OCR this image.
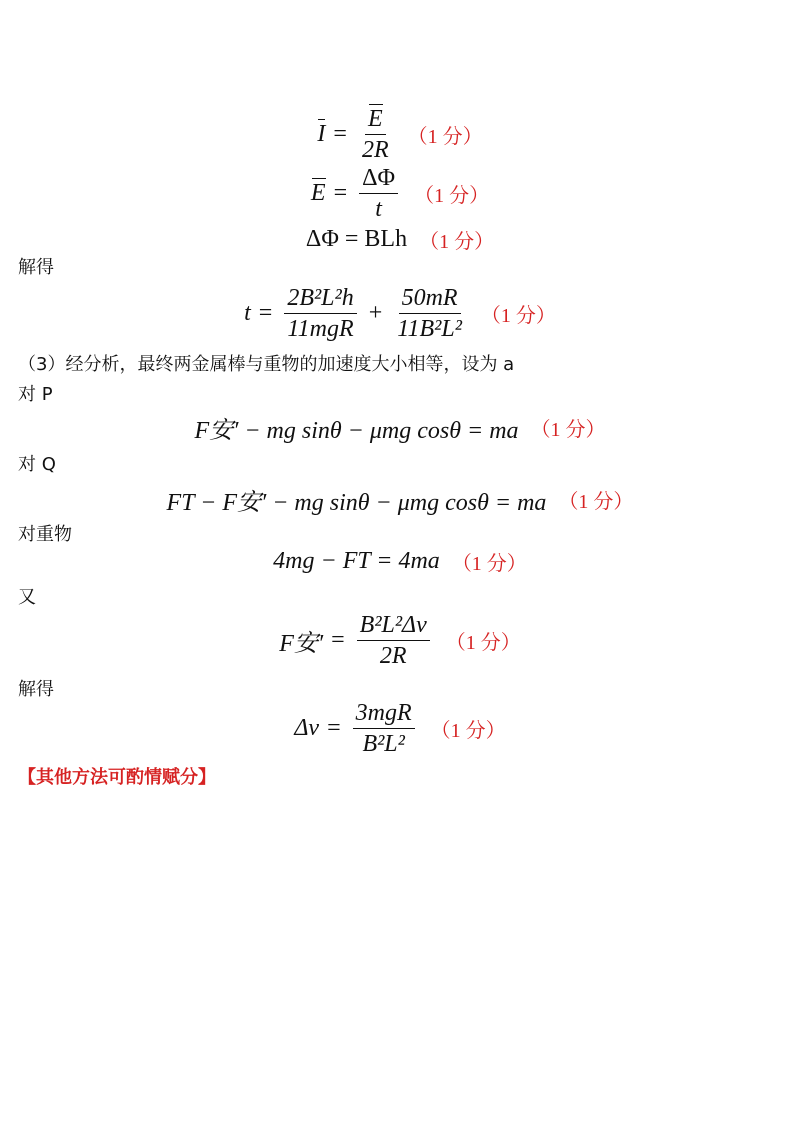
$I = \frac{E}{2R} (1$ 分）
$E = \frac{\Delta\Phi}{t} (1$ 分）
ΔΦ = BLh （1 分）
解得
$t = \frac{\text{2B²L²h}}{\text{11mgR}} + \frac{50mR}{\text{11B²L²}} (1$ 分）
（3）经分析，最终两金属棒与重物的加速度大小相等，设为 a
对 P
F安′ − mg sinθ − μmg cosθ = ma （1 分）
对 Q
FT − F安′ − mg sinθ − μmg cosθ = ma （1 分）
对重物
4mg − FT = 4ma （1 分）
又
F安′ = $\frac{\text{B²L²Δv}}{2R} (1$ 分）
解得
$\Delta v = \frac{\text{3mgR}}{\text{B²L²}} (1$ 分）
【其他方法可酌情赋分】
